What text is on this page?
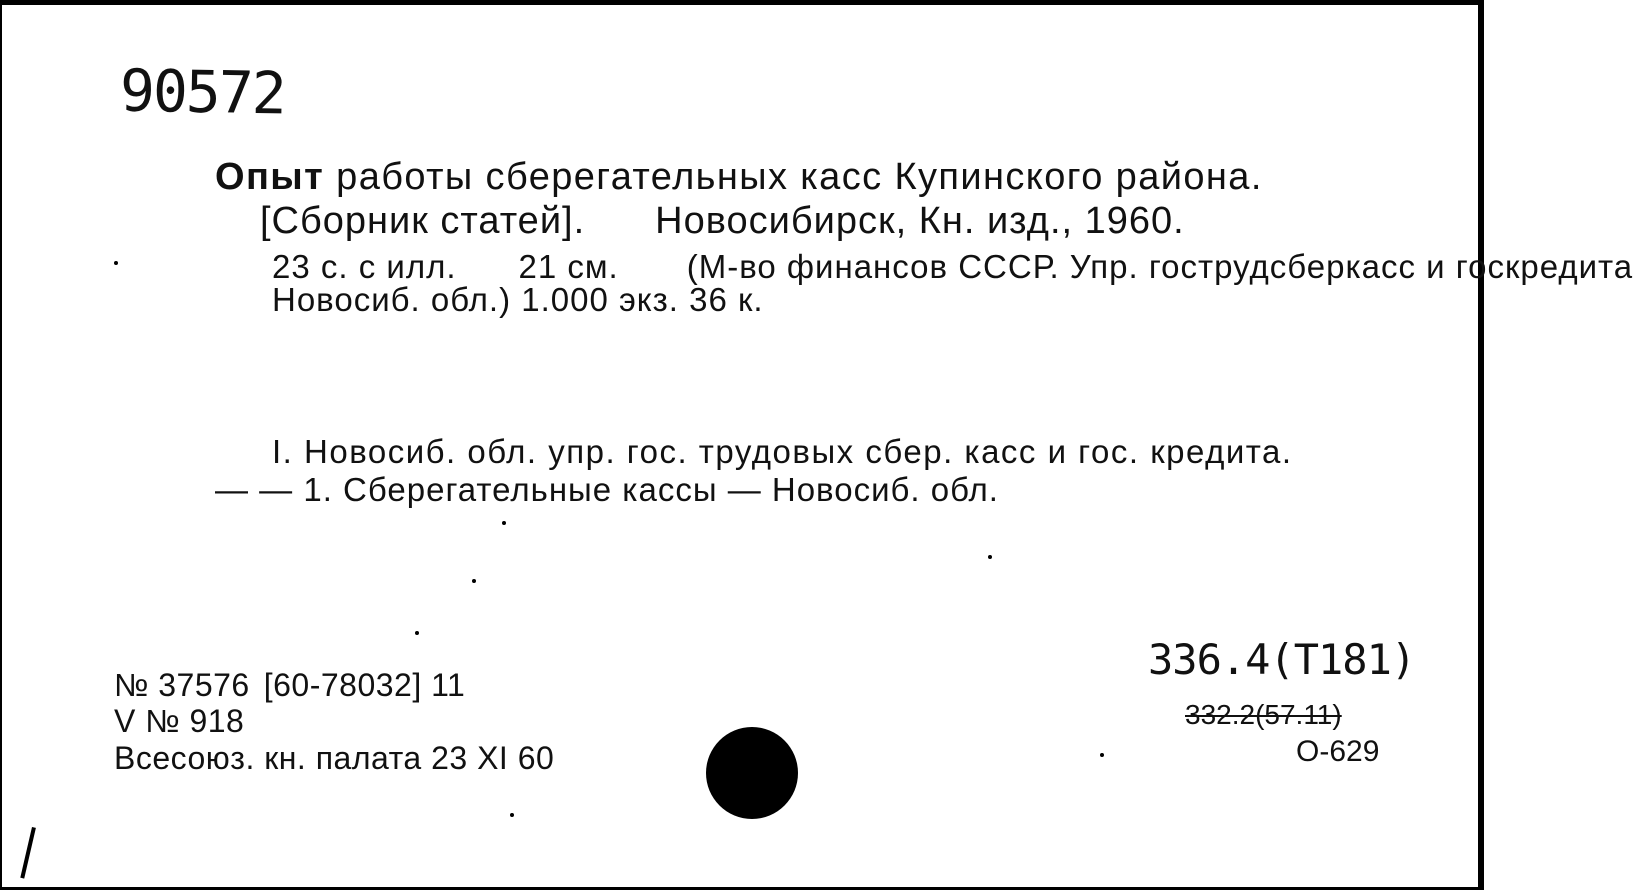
90572
Опыт работы сберегательных касс Купинского района.
[Сборник статей]. Новосибирск, Кн. изд., 1960.
23 с. с илл. 21 см. (М-во финансов СССР. Упр. гострудсберкасс и госкредита
Новосиб. обл.) 1.000 экз. 36 к.
I. Новосиб. обл. упр. гос. трудовых сбер. касс и гос. кредита.
— — 1. Сберегательные кассы — Новосиб. обл.
№ 37576 [60-78032] 11
V № 918
Всесоюз. кн. палата 23 XI 60
336.4(T181)
332.2(57.11)
О-629
